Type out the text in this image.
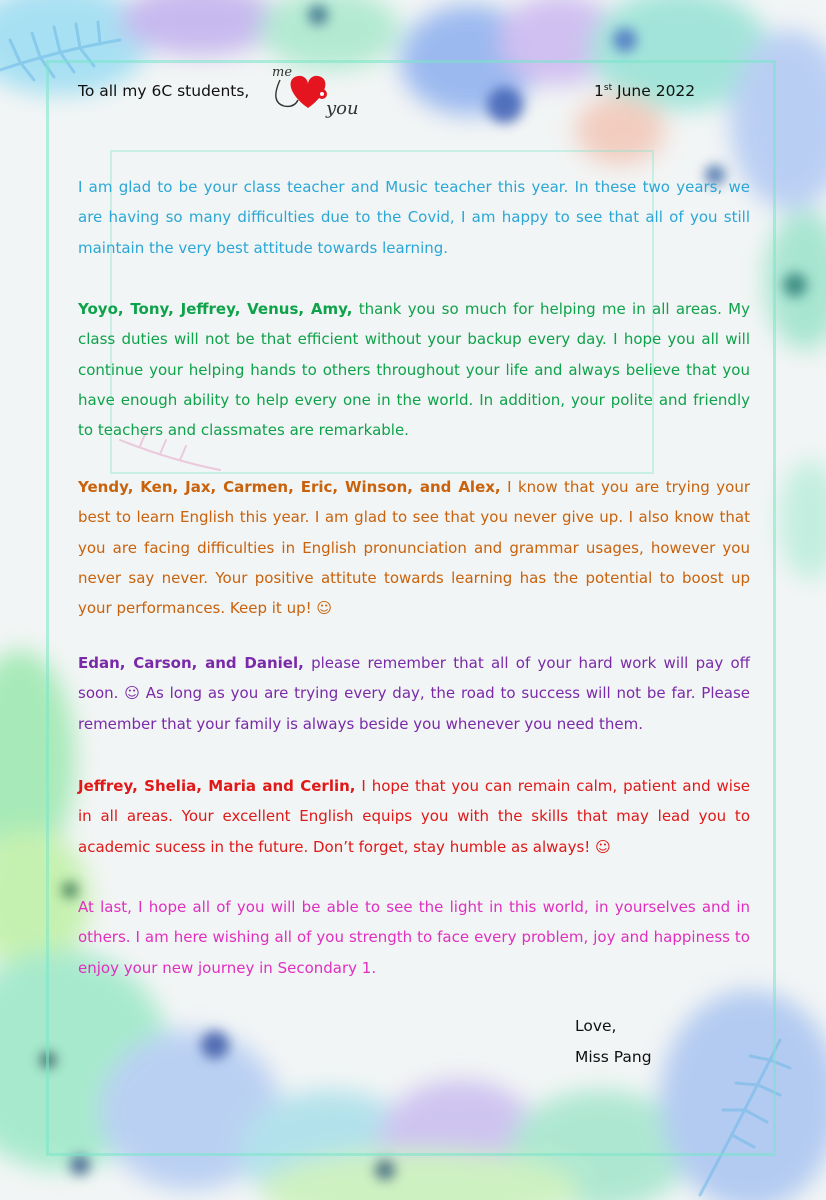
To all my 6C students,
me
you
1st June 2022

I am glad to be your class teacher and Music teacher this year. In these two years, we are having so many difficulties due to the Covid, I am happy to see that all of you still maintain the very best attitude towards learning.

Yoyo, Tony, Jeffrey, Venus, Amy, thank you so much for helping me in all areas. My class duties will not be that efficient without your backup every day. I hope you all will continue your helping hands to others throughout your life and always believe that you have enough ability to help every one in the world. In addition, your polite and friendly to teachers and classmates are remarkable.

Yendy, Ken, Jax, Carmen, Eric, Winson, and Alex, I know that you are trying your best to learn English this year. I am glad to see that you never give up. I also know that you are facing difficulties in English pronunciation and grammar usages, however you never say never. Your positive attitute towards learning has the potential to boost up your performances. Keep it up! ☺

Edan, Carson, and Daniel, please remember that all of your hard work will pay off soon. ☺ As long as you are trying every day, the road to success will not be far. Please remember that your family is always beside you whenever you need them.

Jeffrey, Shelia, Maria and Cerlin, I hope that you can remain calm, patient and wise in all areas. Your excellent English equips you with the skills that may lead you to academic sucess in the future. Don’t forget, stay humble as always! ☺

At last, I hope all of you will be able to see the light in this world, in yourselves and in others. I am here wishing all of you strength to face every problem, joy and happiness to enjoy your new journey in Secondary 1.

Love,
Miss Pang
